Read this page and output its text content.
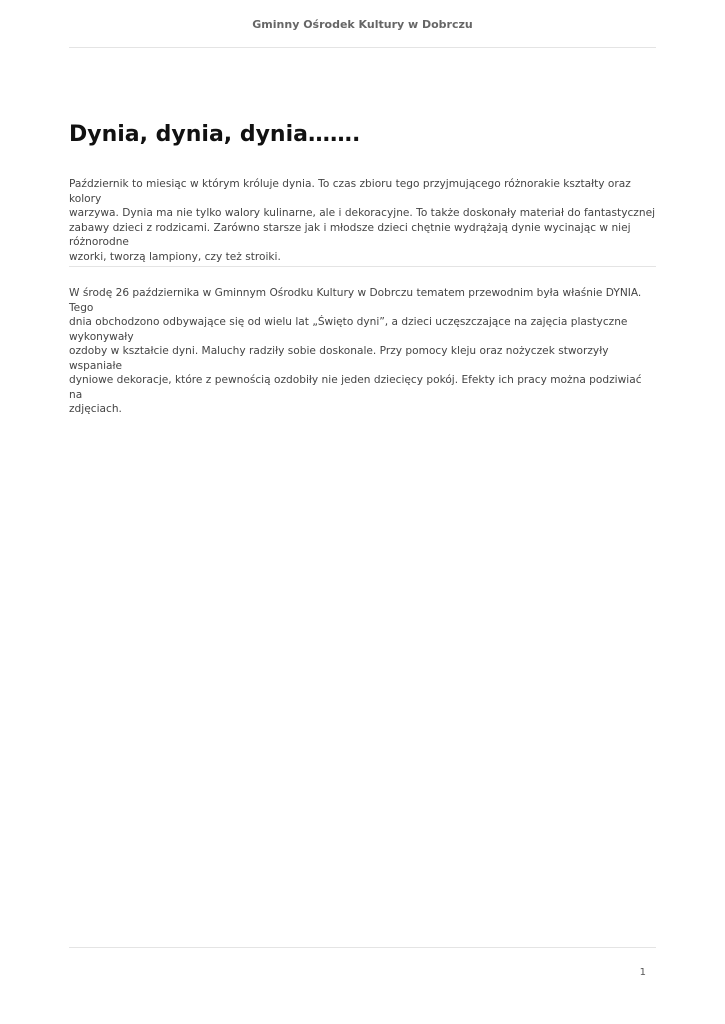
Gminny Ośrodek Kultury w Dobrczu
Dynia, dynia, dynia…….

Październik to miesiąc w którym króluje dynia. To czas zbioru tego przyjmującego różnorakie kształty oraz kolory
warzywa. Dynia ma nie tylko walory kulinarne, ale i dekoracyjne. To także doskonały materiał do fantastycznej
zabawy dzieci z rodzicami. Zarówno starsze jak i młodsze dzieci chętnie wydrążają dynie wycinając w niej różnorodne
wzorki, tworzą lampiony, czy też stroiki.

W środę 26 października w Gminnym Ośrodku Kultury w Dobrczu tematem przewodnim była właśnie DYNIA. Tego
dnia obchodzono odbywające się od wielu lat „Święto dyni”, a dzieci uczęszczające na zajęcia plastyczne wykonywały
ozdoby w kształcie dyni. Maluchy radziły sobie doskonale. Przy pomocy kleju oraz nożyczek stworzyły wspaniałe
dyniowe dekoracje, które z pewnością ozdobiły nie jeden dziecięcy pokój. Efekty ich pracy można podziwiać na
zdjęciach.

1
